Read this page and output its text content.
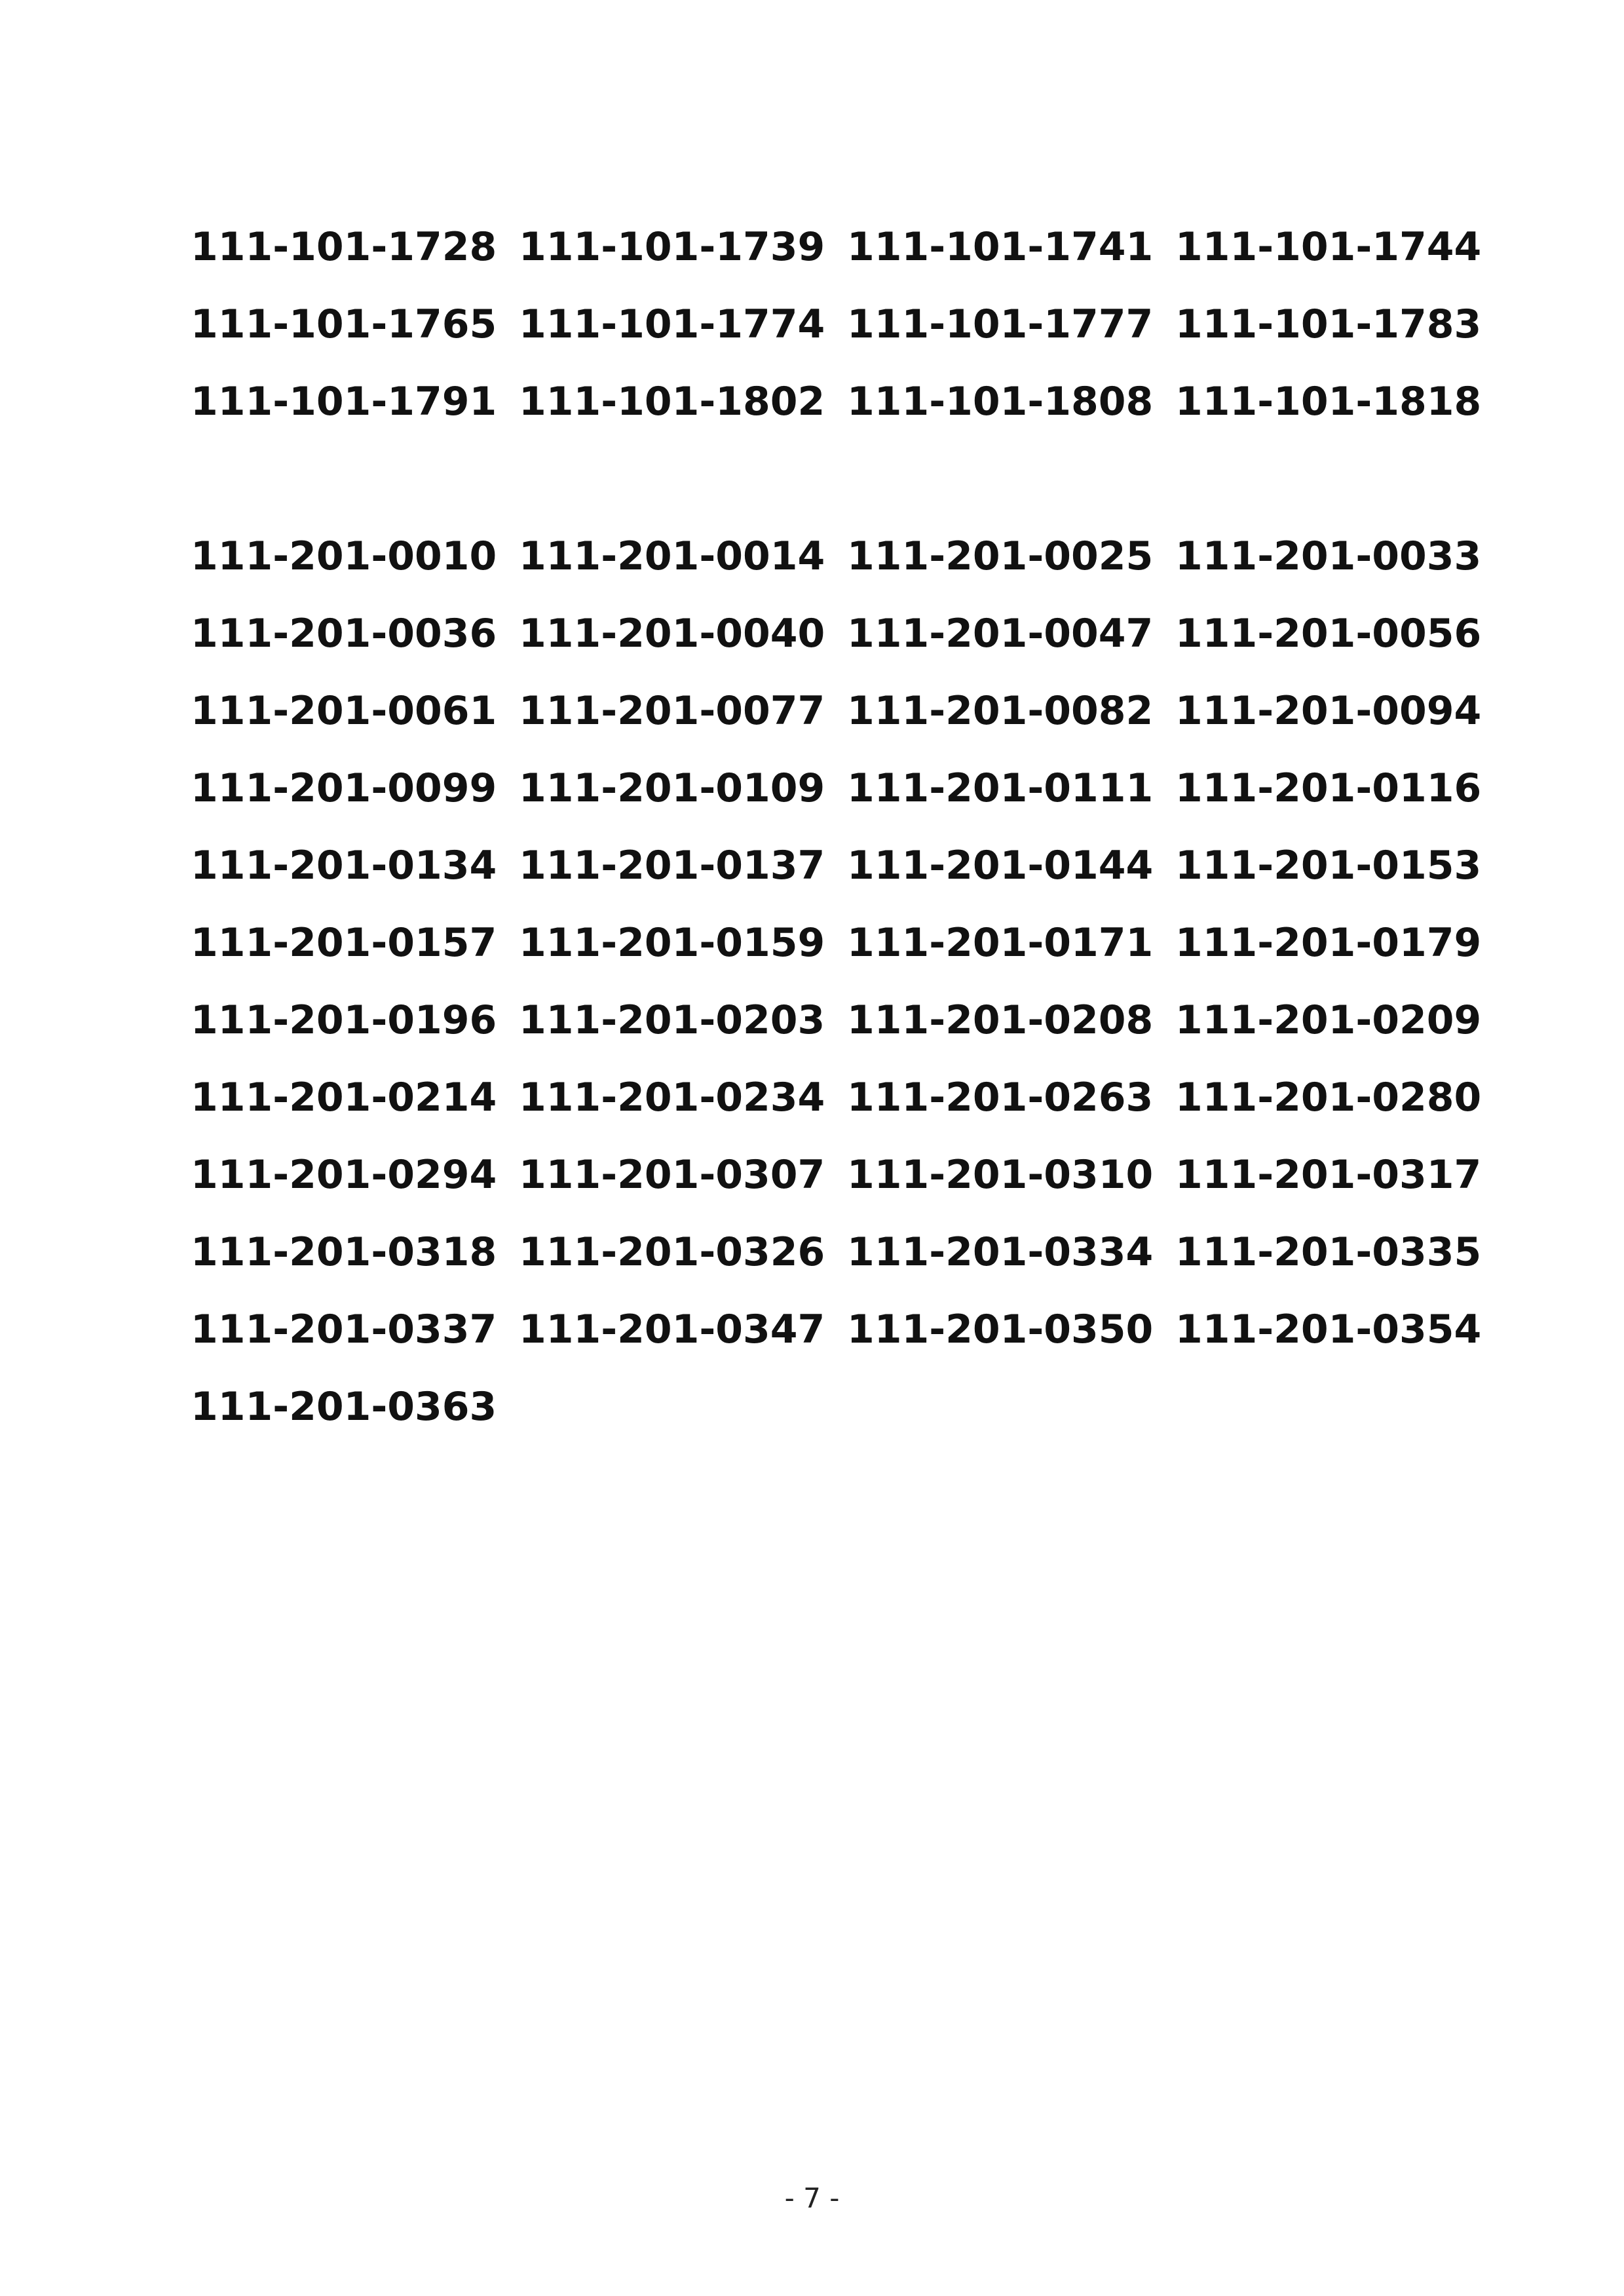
111-101-1728 111-101-1739 111-101-1741 111-101-1744
111-101-1765 111-101-1774 111-101-1777 111-101-1783
111-101-1791 111-101-1802 111-101-1808 111-101-1818
111-201-0010 111-201-0014 111-201-0025 111-201-0033
111-201-0036 111-201-0040 111-201-0047 111-201-0056
111-201-0061 111-201-0077 111-201-0082 111-201-0094
111-201-0099 111-201-0109 111-201-0111 111-201-0116
111-201-0134 111-201-0137 111-201-0144 111-201-0153
111-201-0157 111-201-0159 111-201-0171 111-201-0179
111-201-0196 111-201-0203 111-201-0208 111-201-0209
111-201-0214 111-201-0234 111-201-0263 111-201-0280
111-201-0294 111-201-0307 111-201-0310 111-201-0317
111-201-0318 111-201-0326 111-201-0334 111-201-0335
111-201-0337 111-201-0347 111-201-0350 111-201-0354
111-201-0363
- 7 -
